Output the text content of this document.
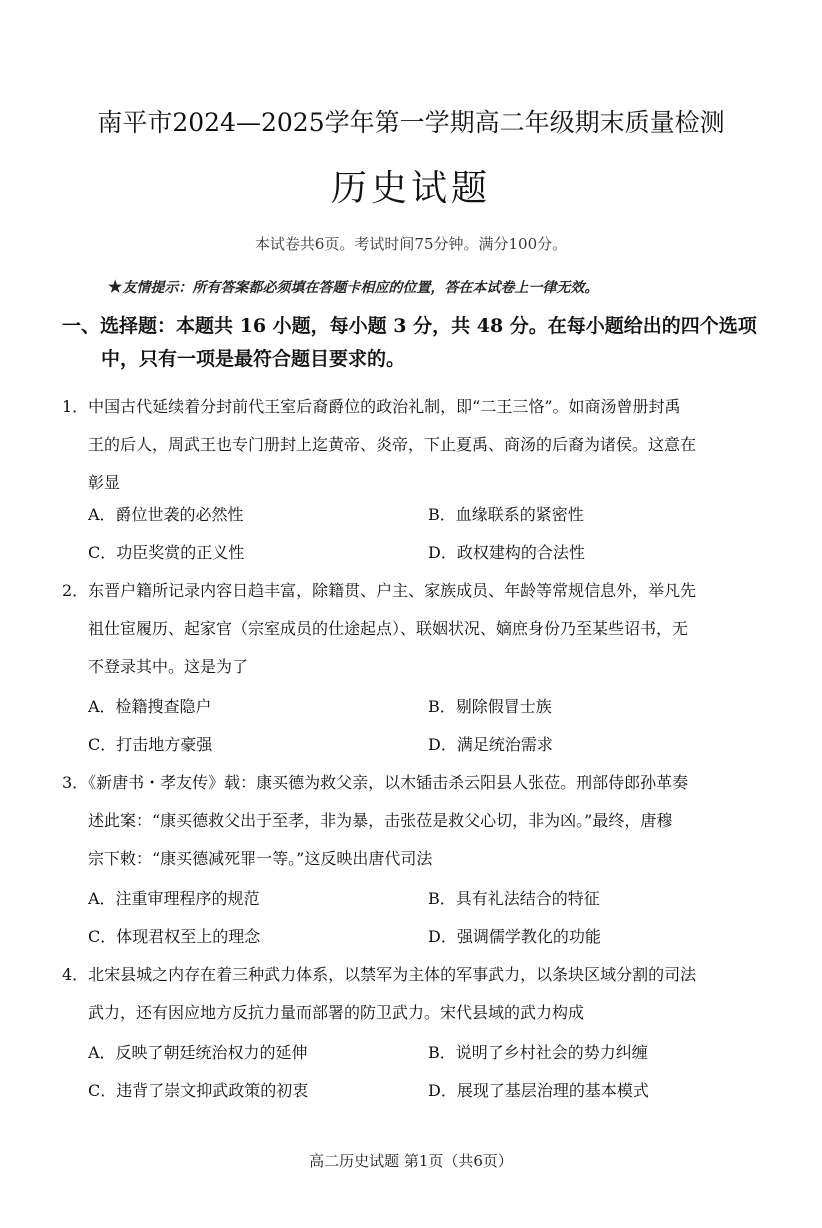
南平市2024—2025学年第一学期高二年级期末质量检测
历史试题
本试卷共6页。考试时间75分钟。满分100分。
★友情提示：所有答案都必须填在答题卡相应的位置，答在本试卷上一律无效。
一、选择题：本题共 16 小题，每小题 3 分，共 48 分。在每小题给出的四个选项
中，只有一项是最符合题目要求的。
1．中国古代延续着分封前代王室后裔爵位的政治礼制，即“二王三恪”。如商汤曾册封禹
王的后人，周武王也专门册封上迄黄帝、炎帝，下止夏禹、商汤的后裔为诸侯。这意在
彰显
A．爵位世袭的必然性	B．血缘联系的紧密性
C．功臣奖赏的正义性	D．政权建构的合法性
2．东晋户籍所记录内容日趋丰富，除籍贯、户主、家族成员、年龄等常规信息外，举凡先
祖仕宦履历、起家官（宗室成员的仕途起点）、联姻状况、嫡庶身份乃至某些诏书，无
不登录其中。这是为了
A．检籍搜查隐户	B．剔除假冒士族
C．打击地方豪强	D．满足统治需求
3．《新唐书・孝友传》载：康买德为救父亲，以木锸击杀云阳县人张莅。刑部侍郎孙革奏
述此案：“康买德救父出于至孝，非为暴，击张莅是救父心切，非为凶。”最终，唐穆
宗下敕：“康买德减死罪一等。”这反映出唐代司法
A．注重审理程序的规范	B．具有礼法结合的特征
C．体现君权至上的理念	D．强调儒学教化的功能
4．北宋县城之内存在着三种武力体系，以禁军为主体的军事武力，以条块区域分割的司法
武力，还有因应地方反抗力量而部署的防卫武力。宋代县域的武力构成
A．反映了朝廷统治权力的延伸	B．说明了乡村社会的势力纠缠
C．违背了崇文抑武政策的初衷	D．展现了基层治理的基本模式
高二历史试题 第1页（共6页）
